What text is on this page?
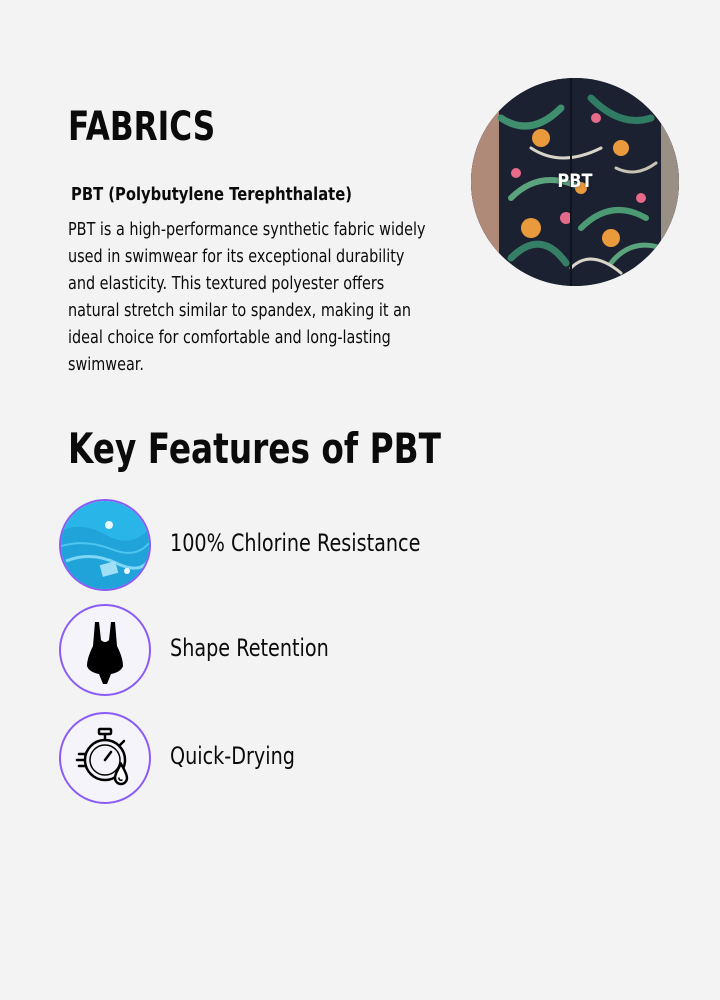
FABRICS
PBT (Polybutylene Terephthalate)

PBT is a high-performance synthetic fabric widely used in swimwear for its exceptional durability and elasticity. This textured polyester offers natural stretch similar to spandex, making it an ideal choice for comfortable and long-lasting swimwear.

PBT
Key Features of PBT
100% Chlorine Resistance
Shape Retention
Quick-Drying
